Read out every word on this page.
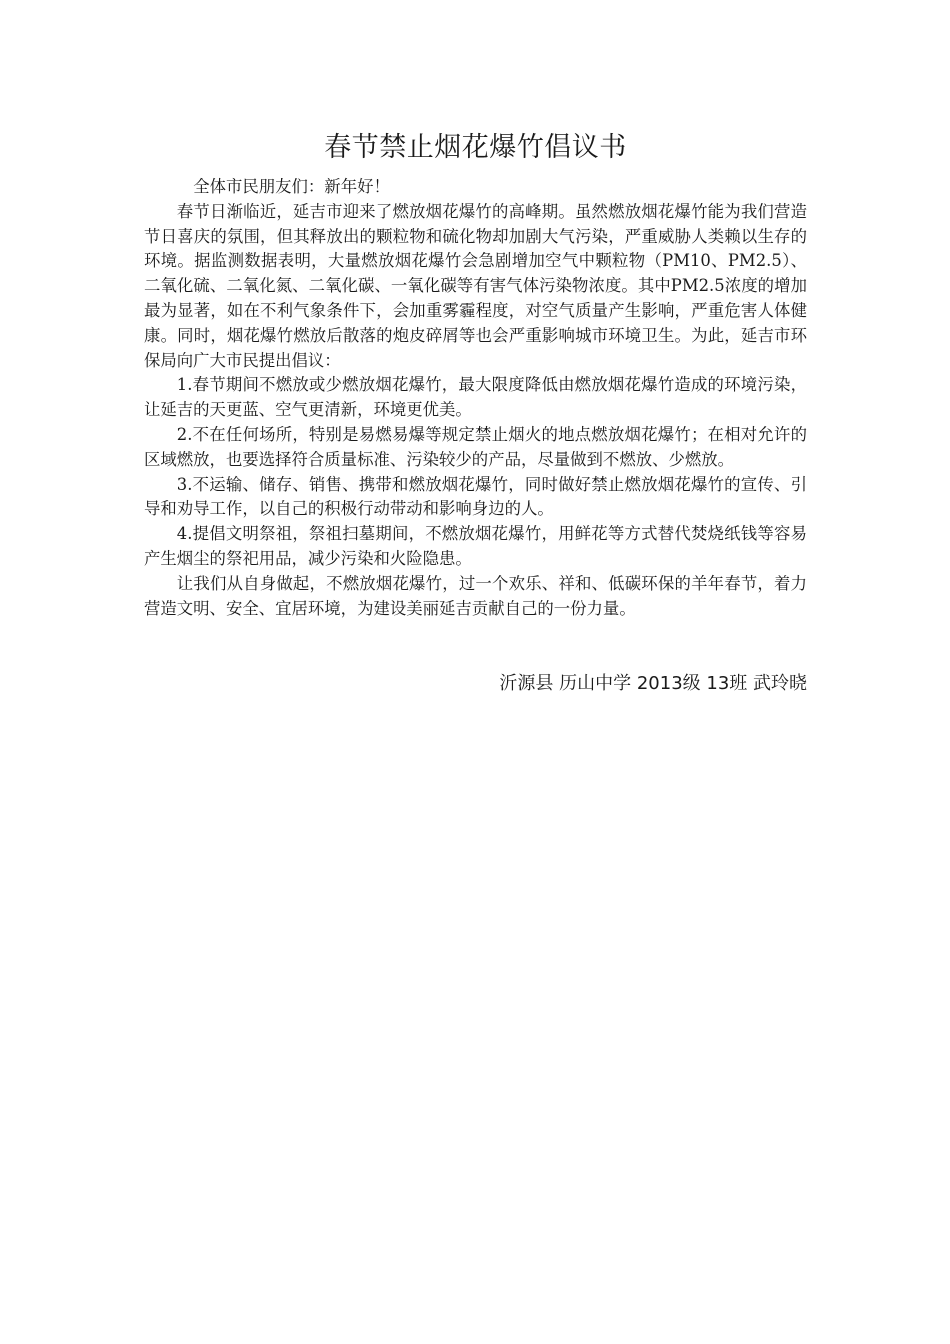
春节禁止烟花爆竹倡议书

全体市民朋友们：新年好！

春节日渐临近，延吉市迎来了燃放烟花爆竹的高峰期。虽然燃放烟花爆竹能为我们营造节日喜庆的氛围，但其释放出的颗粒物和硫化物却加剧大气污染，严重威胁人类赖以生存的环境。据监测数据表明，大量燃放烟花爆竹会急剧增加空气中颗粒物（PM10、PM2.5）、二氧化硫、二氧化氮、二氧化碳、一氧化碳等有害气体污染物浓度。其中PM2.5浓度的增加最为显著，如在不利气象条件下，会加重雾霾程度，对空气质量产生影响，严重危害人体健康。同时，烟花爆竹燃放后散落的炮皮碎屑等也会严重影响城市环境卫生。为此，延吉市环保局向广大市民提出倡议：

1.春节期间不燃放或少燃放烟花爆竹，最大限度降低由燃放烟花爆竹造成的环境污染，让延吉的天更蓝、空气更清新，环境更优美。

2.不在任何场所，特别是易燃易爆等规定禁止烟火的地点燃放烟花爆竹；在相对允许的区域燃放，也要选择符合质量标准、污染较少的产品，尽量做到不燃放、少燃放。

3.不运输、储存、销售、携带和燃放烟花爆竹，同时做好禁止燃放烟花爆竹的宣传、引导和劝导工作，以自己的积极行动带动和影响身边的人。

4.提倡文明祭祖，祭祖扫墓期间，不燃放烟花爆竹，用鲜花等方式替代焚烧纸钱等容易产生烟尘的祭祀用品，减少污染和火险隐患。

让我们从自身做起，不燃放烟花爆竹，过一个欢乐、祥和、低碳环保的羊年春节，着力营造文明、安全、宜居环境，为建设美丽延吉贡献自己的一份力量。

沂源县 历山中学 2013级 13班 武玲晓
